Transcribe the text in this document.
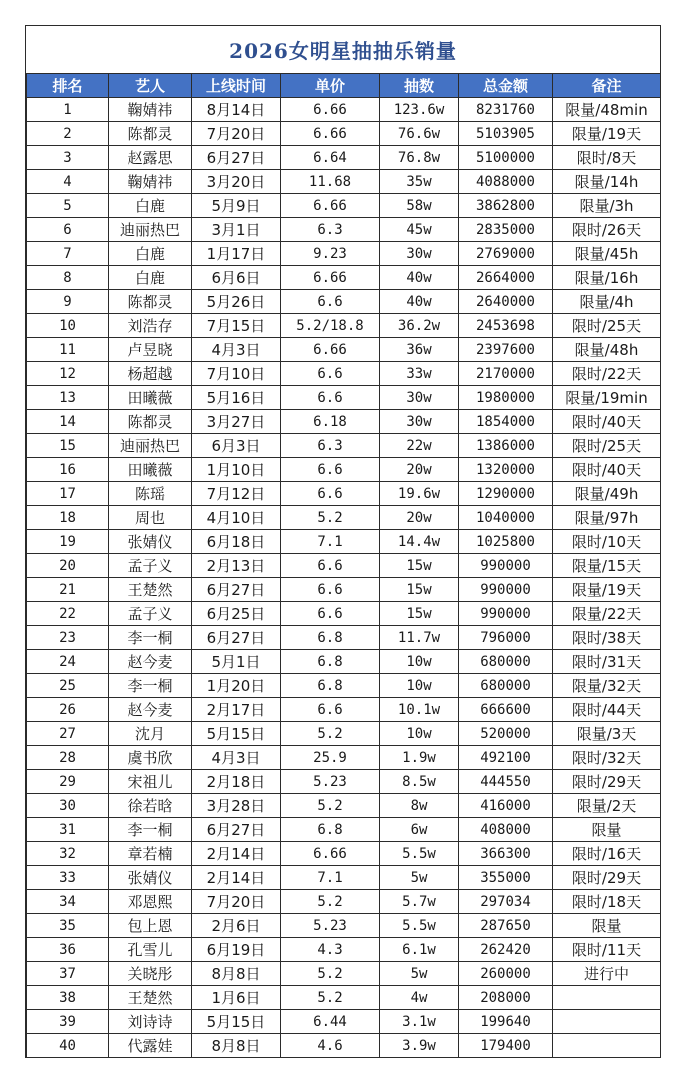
2026女明星抽抽乐销量
排名	艺人	上线时间	单价	抽数	总金额	备注
1	鞠婧祎	8月14日	6.66	123.6w	8231760	限量/48min
2	陈都灵	7月20日	6.66	76.6w	5103905	限量/19天
3	赵露思	6月27日	6.64	76.8w	5100000	限时/8天
4	鞠婧祎	3月20日	11.68	35w	4088000	限量/14h
5	白鹿	5月9日	6.66	58w	3862800	限量/3h
6	迪丽热巴	3月1日	6.3	45w	2835000	限时/26天
7	白鹿	1月17日	9.23	30w	2769000	限量/45h
8	白鹿	6月6日	6.66	40w	2664000	限量/16h
9	陈都灵	5月26日	6.6	40w	2640000	限量/4h
10	刘浩存	7月15日	5.2/18.8	36.2w	2453698	限时/25天
11	卢昱晓	4月3日	6.66	36w	2397600	限量/48h
12	杨超越	7月10日	6.6	33w	2170000	限时/22天
13	田曦薇	5月16日	6.6	30w	1980000	限量/19min
14	陈都灵	3月27日	6.18	30w	1854000	限时/40天
15	迪丽热巴	6月3日	6.3	22w	1386000	限时/25天
16	田曦薇	1月10日	6.6	20w	1320000	限时/40天
17	陈瑶	7月12日	6.6	19.6w	1290000	限量/49h
18	周也	4月10日	5.2	20w	1040000	限量/97h
19	张婧仪	6月18日	7.1	14.4w	1025800	限时/10天
20	孟子义	2月13日	6.6	15w	990000	限量/15天
21	王楚然	6月27日	6.6	15w	990000	限量/19天
22	孟子义	6月25日	6.6	15w	990000	限量/22天
23	李一桐	6月27日	6.8	11.7w	796000	限时/38天
24	赵今麦	5月1日	6.8	10w	680000	限时/31天
25	李一桐	1月20日	6.8	10w	680000	限量/32天
26	赵今麦	2月17日	6.6	10.1w	666600	限时/44天
27	沈月	5月15日	5.2	10w	520000	限量/3天
28	虞书欣	4月3日	25.9	1.9w	492100	限时/32天
29	宋祖儿	2月18日	5.23	8.5w	444550	限时/29天
30	徐若晗	3月28日	5.2	8w	416000	限量/2天
31	李一桐	6月27日	6.8	6w	408000	限量
32	章若楠	2月14日	6.66	5.5w	366300	限时/16天
33	张婧仪	2月14日	7.1	5w	355000	限时/29天
34	邓恩熙	7月20日	5.2	5.7w	297034	限时/18天
35	包上恩	2月6日	5.23	5.5w	287650	限量
36	孔雪儿	6月19日	4.3	6.1w	262420	限时/11天
37	关晓彤	8月8日	5.2	5w	260000	进行中
38	王楚然	1月6日	5.2	4w	208000	
39	刘诗诗	5月15日	6.44	3.1w	199640	
40	代露娃	8月8日	4.6	3.9w	179400	
